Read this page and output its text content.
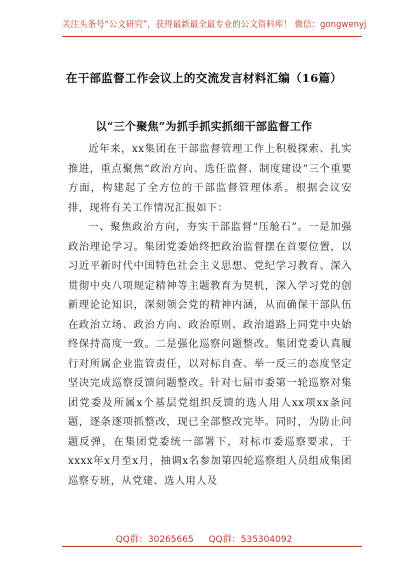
关注头条号“公文研究”，获得最新最全最专业的公文资料库！ 微信：gongwenyj
在干部监督工作会议上的交流发言材料汇编（16篇）
以“三个聚焦”为抓手抓实抓细干部监督工作

近年来，xx集团在干部监督管理工作上积极探索、扎实推进，重点聚焦“政治方向、选任监督、制度建设”三个重要方面，构建起了全方位的干部监督管理体系。根据会议安排，现将有关工作情况汇报如下：

一、聚焦政治方向，夯实干部监督“压舱石”。一是加强政治理论学习。集团党委始终把政治监督摆在首要位置，以习近平新时代中国特色社会主义思想、党纪学习教育、深入贯彻中央八项规定精神等主题教育为契机，深入学习党的创新理论论知识，深刻领会党的精神内涵，从而确保干部队伍在政治立场、政治方向、政治原则、政治道路上同党中央始终保持高度一致。二是强化巡察问题整改。集团党委认真履行对所属企业监管责任，以对标自查、举一反三的态度坚定坚决完成巡察反馈问题整改。针对七届市委第一轮巡察对集团党委及所属x个基层党组织反馈的选人用人xx项xx条问题，逐条逐项抓整改，现已全部整改完毕。同时，为防止问题反弹，在集团党委统一部署下，对标市委巡察要求，于xxxx年x月至x月，抽调x名参加第四轮巡察组人员组成集团巡察专班，从党建、选人用人及

QQ群：30265665 QQ群：535304092
